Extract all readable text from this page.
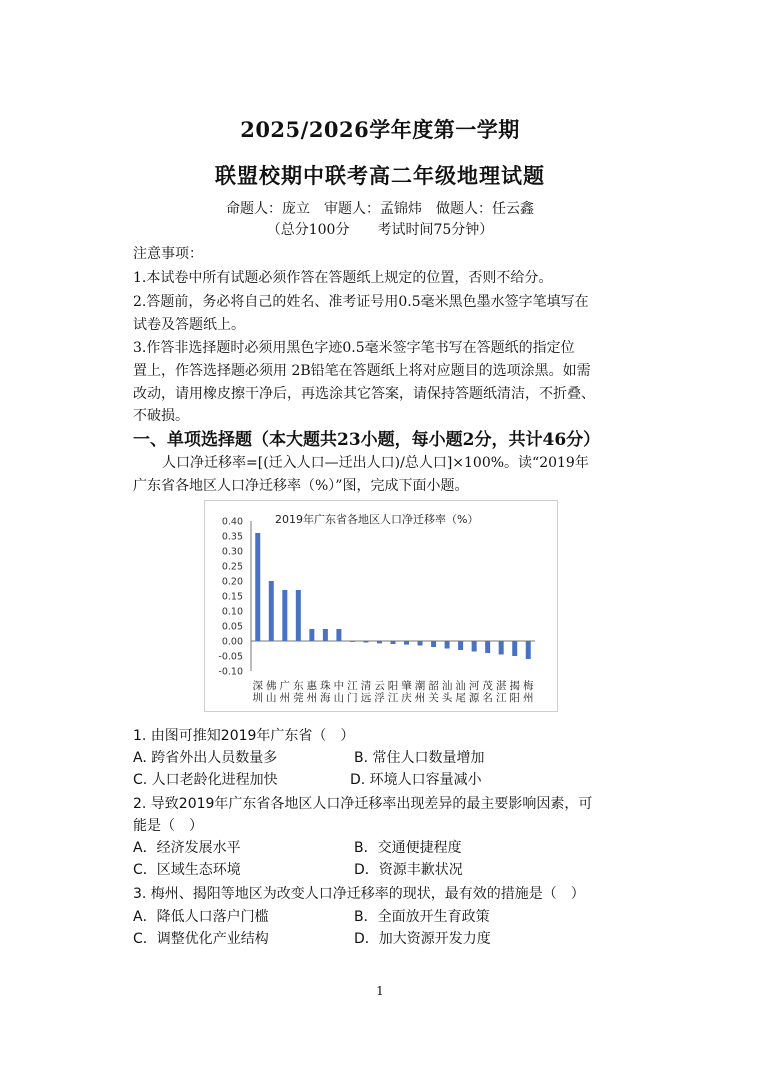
2025/2026学年度第一学期
联盟校期中联考高二年级地理试题
命题人：庞立　审题人：孟锦炜　做题人：任云鑫
（总分100分　　考试时间75分钟）
注意事项：
1.本试卷中所有试题必须作答在答题纸上规定的位置，否则不给分。
2.答题前，务必将自己的姓名、准考证号用0.5毫米黑色墨水签字笔填写在
试卷及答题纸上。
3.作答非选择题时必须用黑色字迹0.5毫米签字笔书写在答题纸的指定位
置上，作答选择题必须用 2B铅笔在答题纸上将对应题目的选项涂黑。如需
改动，请用橡皮擦干净后，再选涂其它答案，请保持答题纸清洁，不折叠、
不破损。
一、单项选择题（本大题共23小题，每小题2分，共计46分）
人口净迁移率=[(迁入人口—迁出人口)/总人口]×100%。读“2019年
广东省各地区人口净迁移率（%）”图，完成下面小题。
2019年广东省各地区人口净迁移率（%）
0.40
0.35
0.30
0.25
0.20
0.15
0.10
0.05
0.00
-0.05
-0.10
深
圳
佛
山
广
州
东
莞
惠
州
珠
海
中
山
江
门
清
远
云
浮
阳
江
肇
庆
潮
州
韶
关
汕
头
汕
尾
河
源
茂
名
湛
江
揭
阳
梅
州
1. 由图可推知2019年广东省（　）
A. 跨省外出人员数量多	B. 常住人口数量增加
C. 人口老龄化进程加快	D. 环境人口容量减小
2. 导致2019年广东省各地区人口净迁移率出现差异的最主要影响因素，可
能是（　）
A．经济发展水平	B．交通便捷程度
C．区域生态环境	D．资源丰歉状况
3. 梅州、揭阳等地区为改变人口净迁移率的现状，最有效的措施是（　）
A．降低人口落户门槛	B．全面放开生育政策
C．调整优化产业结构	D．加大资源开发力度
1
